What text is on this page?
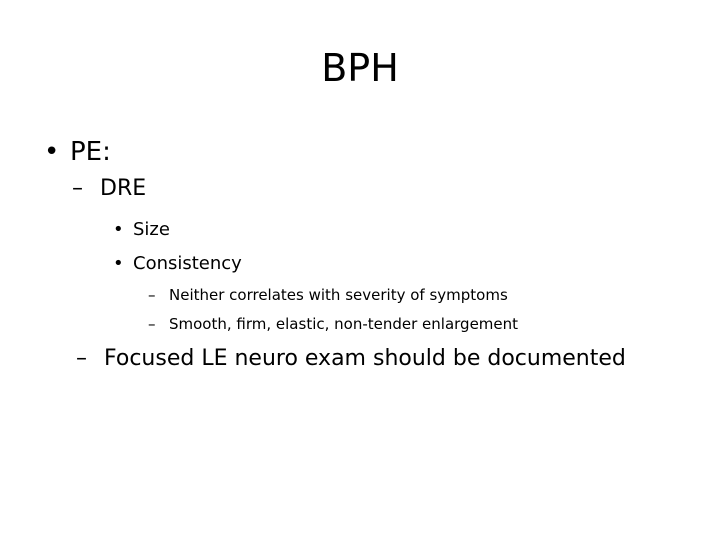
BPH
• PE:
– DRE
• Size
• Consistency
– Neither correlates with severity of symptoms
– Smooth, firm, elastic, non-tender enlargement
– Focused LE neuro exam should be documented
